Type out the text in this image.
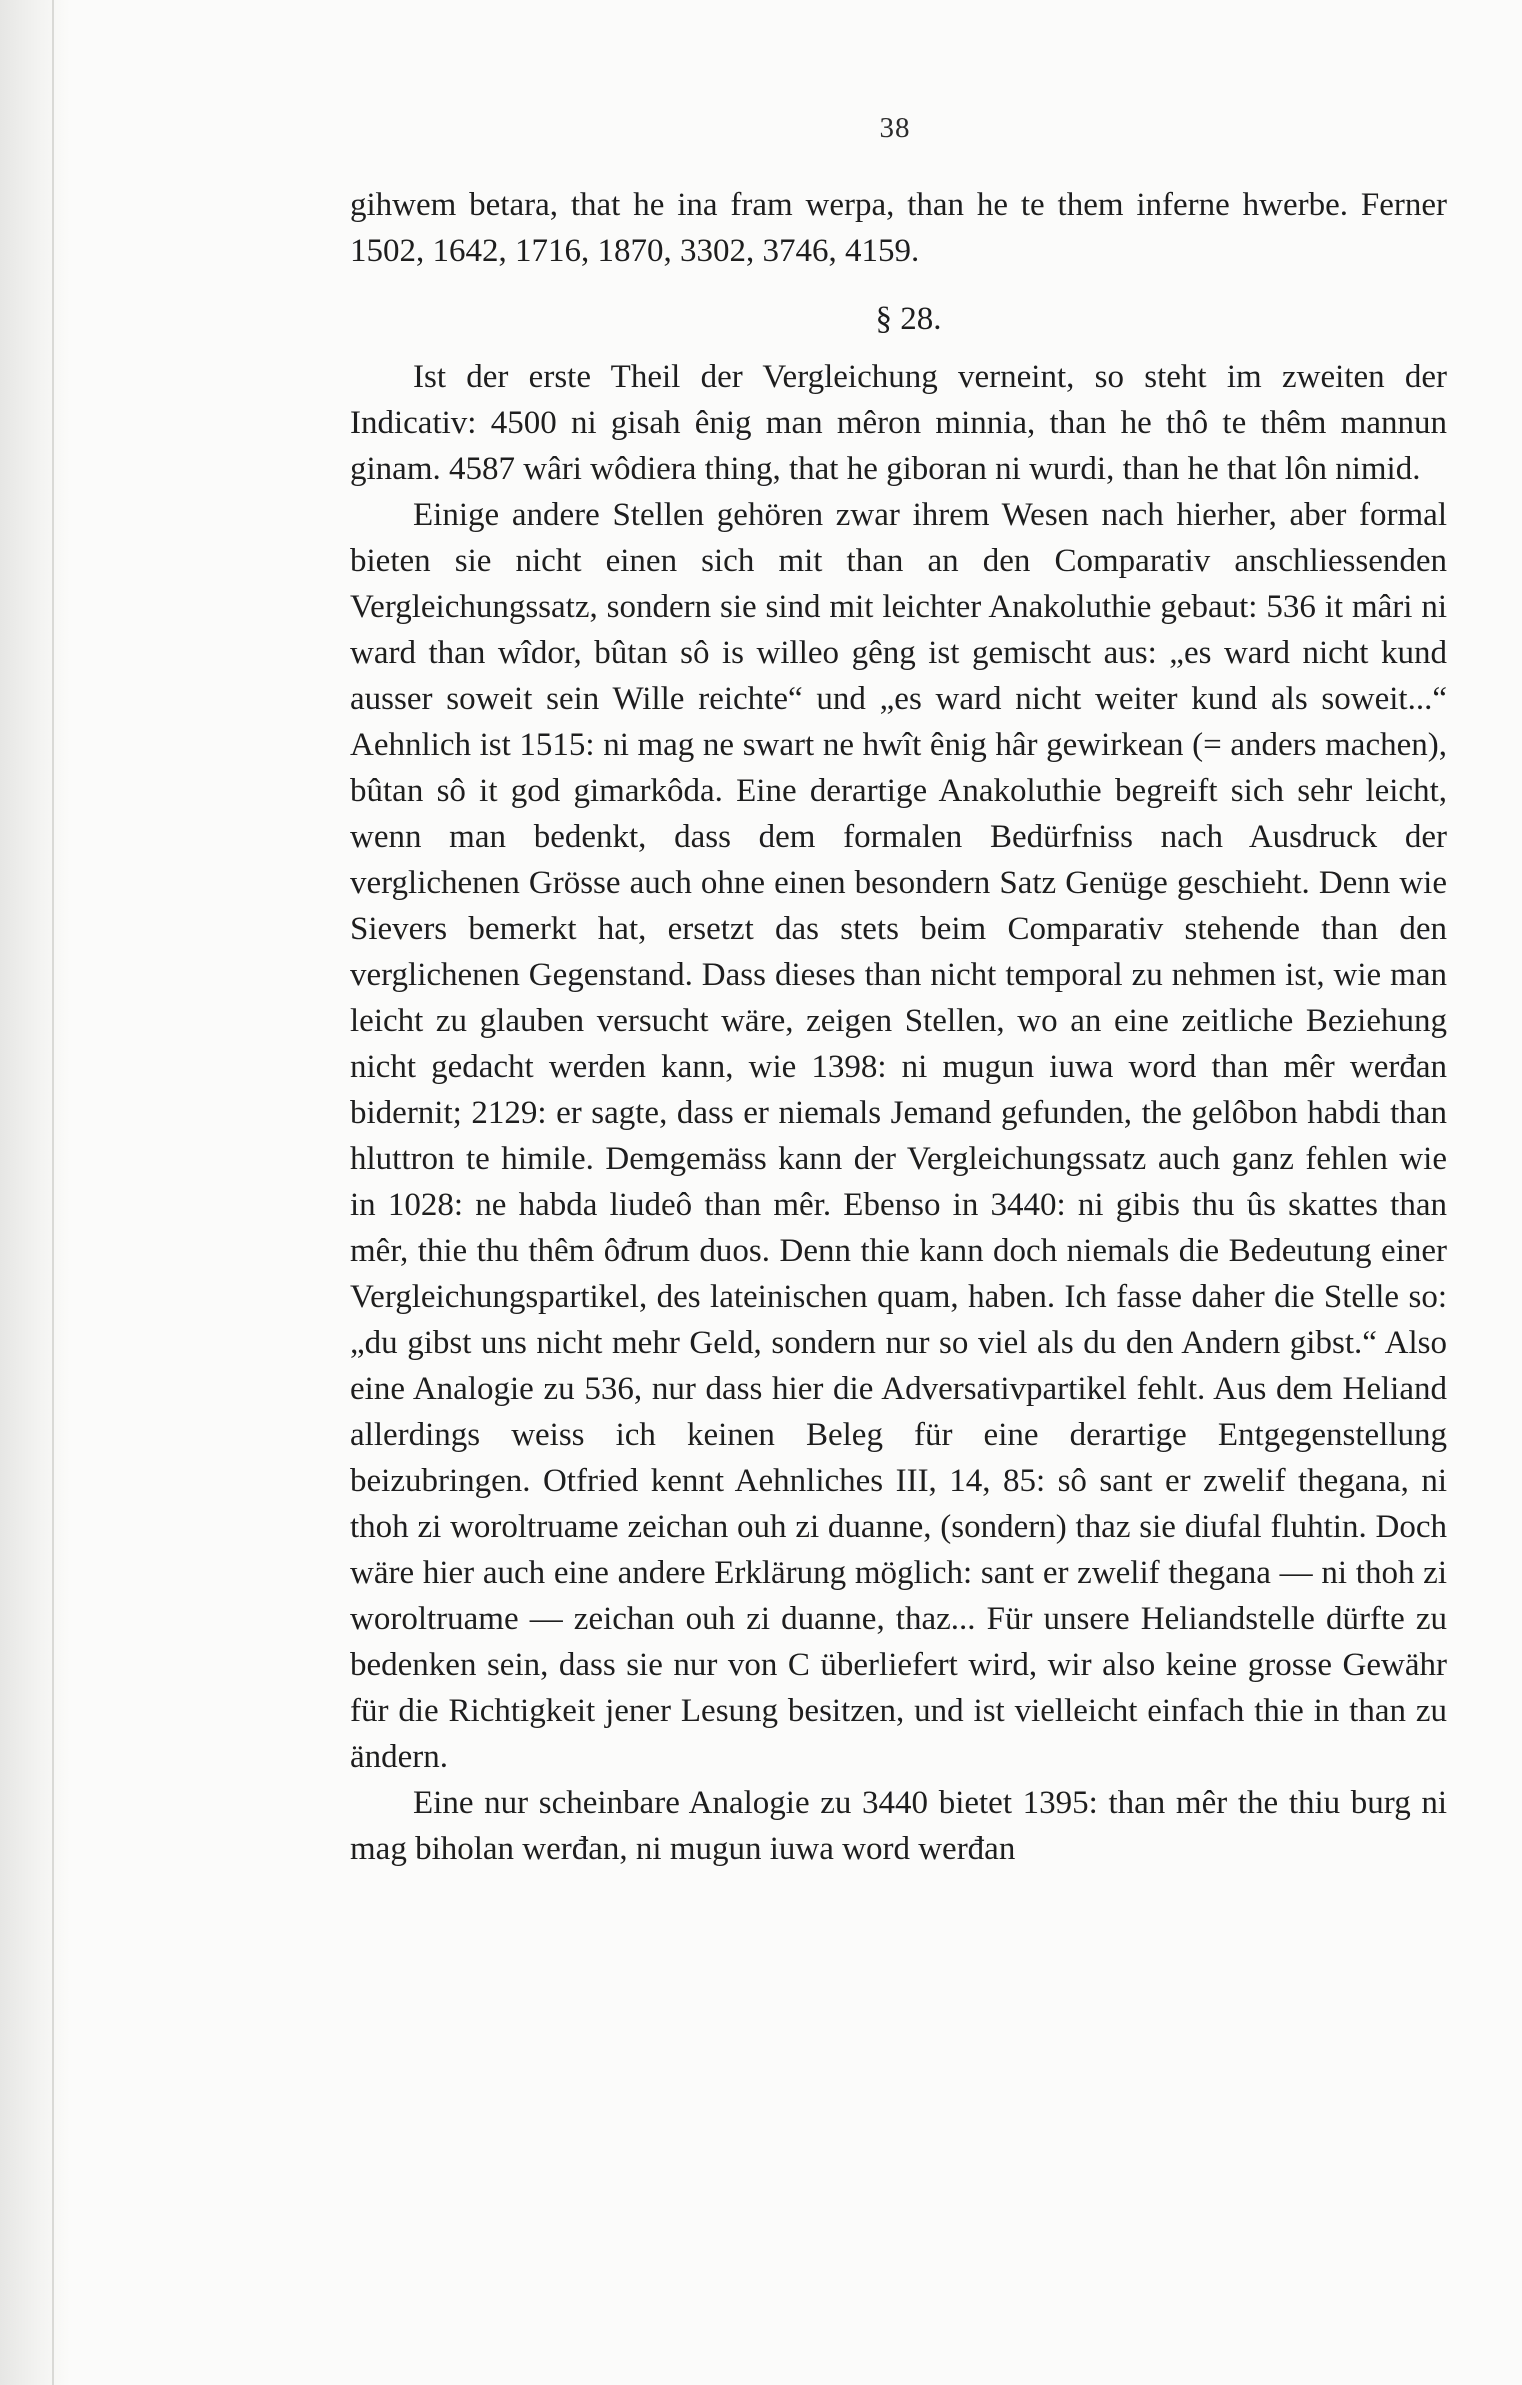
38

gihwem betara, that he ina fram werpa, than he te them inferne hwerbe. Ferner 1502, 1642, 1716, 1870, 3302, 3746, 4159.

§ 28.

Ist der erste Theil der Vergleichung verneint, so steht im zweiten der Indicativ: 4500 ni gisah ênig man mêron minnia, than he thô te thêm mannun ginam. 4587 wâri wôdiera thing, that he giboran ni wurdi, than he that lôn nimid.

Einige andere Stellen gehören zwar ihrem Wesen nach hierher, aber formal bieten sie nicht einen sich mit than an den Comparativ anschliessenden Vergleichungssatz, sondern sie sind mit leichter Anakoluthie gebaut: 536 it mâri ni ward than wîdor, bûtan sô is willeo gêng ist gemischt aus: „es ward nicht kund ausser soweit sein Wille reichte“ und „es ward nicht weiter kund als soweit...“ Aehnlich ist 1515: ni mag ne swart ne hwît ênig hâr gewirkean (= anders machen), bûtan sô it god gimarkôda. Eine derartige Anakoluthie begreift sich sehr leicht, wenn man bedenkt, dass dem formalen Bedürfniss nach Ausdruck der verglichenen Grösse auch ohne einen besondern Satz Genüge geschieht. Denn wie Sievers bemerkt hat, ersetzt das stets beim Comparativ stehende than den verglichenen Gegenstand. Dass dieses than nicht temporal zu nehmen ist, wie man leicht zu glauben versucht wäre, zeigen Stellen, wo an eine zeitliche Beziehung nicht gedacht werden kann, wie 1398: ni mugun iuwa word than mêr werđan bidernit; 2129: er sagte, dass er niemals Jemand gefunden, the gelôbon habdi than hluttron te himile. Demgemäss kann der Vergleichungssatz auch ganz fehlen wie in 1028: ne habda liudeô than mêr. Ebenso in 3440: ni gibis thu ûs skattes than mêr, thie thu thêm ôđrum duos. Denn thie kann doch niemals die Bedeutung einer Vergleichungspartikel, des lateinischen quam, haben. Ich fasse daher die Stelle so: „du gibst uns nicht mehr Geld, sondern nur so viel als du den Andern gibst.“ Also eine Analogie zu 536, nur dass hier die Adversativpartikel fehlt. Aus dem Heliand allerdings weiss ich keinen Beleg für eine derartige Entgegenstellung beizubringen. Otfried kennt Aehnliches III, 14, 85: sô sant er zwelif thegana, ni thoh zi woroltruame zeichan ouh zi duanne, (sondern) thaz sie diufal fluhtin. Doch wäre hier auch eine andere Erklärung möglich: sant er zwelif thegana — ni thoh zi woroltruame — zeichan ouh zi duanne, thaz... Für unsere Heliandstelle dürfte zu bedenken sein, dass sie nur von C überliefert wird, wir also keine grosse Gewähr für die Richtigkeit jener Lesung besitzen, und ist vielleicht einfach thie in than zu ändern.

Eine nur scheinbare Analogie zu 3440 bietet 1395: than mêr the thiu burg ni mag biholan werđan, ni mugun iuwa word werđan
